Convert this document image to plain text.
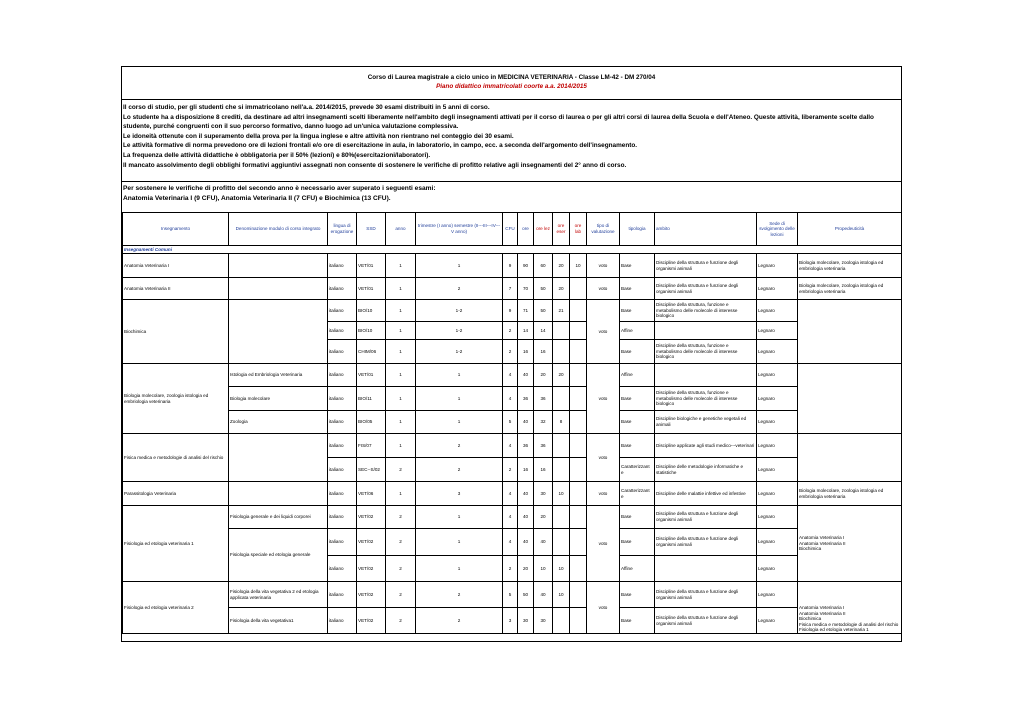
Corso di Laurea magistrale a ciclo unico in MEDICINA VETERINARIA - Classe LM-42 - DM 270/04
Piano didattico immatricolati coorte a.a. 2014/2015

Il corso di studio, per gli studenti che si immatricolano nell'a.a. 2014/2015, prevede 30 esami distribuiti in 5 anni di corso.

Lo studente ha a disposizione 8 crediti, da destinare ad altri insegnamenti scelti liberamente nell'ambito degli insegnamenti attivati per il corso di laurea o per gli altri corsi di laurea della Scuola e dell'Ateneo. Queste attività, liberamente scelte dallo studente, purché congruenti con il suo percorso formativo, danno luogo ad un'unica valutazione complessiva.

Le idoneità ottenute con il superamento della prova per la lingua inglese e altre attività non rientrano nel conteggio dei 30 esami.

Le attività formative di norma prevedono ore di lezioni frontali e/o ore di esercitazione in aula, in laboratorio, in campo, ecc. a seconda dell'argomento dell'insegnamento.

La frequenza delle attività didattiche è obbligatoria per il 50% (lezioni) e 80%(esercitazioni/laboratori).

Il mancato assolvimento degli obblighi formativi aggiuntivi assegnati non consente di sostenere le verifiche di profitto relative agli insegnamenti del 2° anno di corso.

Per sostenere le verifiche di profitto del secondo anno è necessario aver superato i seguenti esami:

Anatomia Veterinaria I (9 CFU), Anatomia Veterinaria II (7 CFU) e Biochimica (13 CFU).

Insegnamento	Denominazione modulo di corso integrato	lingua di erogazione	SSD	anno	trimestre (I anno) semestre (II---III---IV---V anno)	CFU	ore	ore lez	ore eser	ore lab	tipo di valutazione	tipologia	ambito	Sede di svolgimento delle lezioni	Propedeuticità
Insegnamenti Comuni															
Anatomia Veterinaria I		italiano	VET/01	1	1	9	90	60	20	10	voto	Base	Discipline della struttura e funzione degli organismi animali	Legnaro	Biologia molecolare, zoologia istologia ed embriologia veterinaria
Anatomia Veterinaria II		italiano	VET/01	1	2	7	70	50	20		voto	Base	Discipline della struttura e funzione degli organismi animali	Legnaro	Biologia molecolare, zoologia istologia ed embriologia veterinaria
Biochimica		italiano	BIO/10	1	1-2	9	71	50	21		voto	Base	Discipline della struttura, funzione e metabolismo delle molecole di interesse biologico	Legnaro	
		italiano	BIO/10	1	1-2	2	14	14				Affine		Legnaro	
		italiano	CHIM/06	1	1-2	2	16	16				Base	Discipline della struttura, funzione e metabolismo delle molecole di interesse biologico	Legnaro	
Biologia molecolare, zoologia istologia ed embriologia veterinaria	Istologia ed Embriologia Veterinaria	italiano	VET/01	1	1	4	40	20	20		voto	Affine		Legnaro	
	Biologia molecolare	italiano	BIO/11	1	1	4	36	36				Base	Discipline della struttura, funzione e metabolismo delle molecole di interesse biologico	Legnaro	
	Zoologia	italiano	BIO/05	1	1	5	40	32	8			Base	Discipline biologiche e genetiche vegetali ed animali	Legnaro	
Fisica medica e metodologie di analisi del rischio		italiano	FIS/07	1	2	4	36	36			voto	Base	Discipline applicate agli studi medico---veterinari	Legnaro	
		italiano	SEC--S/02	2	2	2	16	16				Caratterizzant e	Discipline delle metodologie informatiche e statistiche	Legnaro	
Parassitologia Veterinaria		italiano	VET/06	1	3	4	40	30	10		voto	Caratterizzant e	Discipline delle malattie infettive ed infestive	Legnaro	Biologia molecolare, zoologia istologia ed embriologia veterinaria
Fisiologia ed etologia veterinaria 1	Fisiologia generale e dei liquidi corporei	italiano	VET/02	2	1	4	40	20			voto	Base	Discipline della struttura e funzione degli organismi animali	Legnaro	Anatomia Veterinaria I
Anatomia Veterinaria II
Biochimica
	Fisiologia speciale ed etologia generale	italiano	VET/02	2	1	4	40	40				Base	Discipline della struttura e funzione degli organismi animali	Legnaro	
		italiano	VET/02	2	1	2	20	10	10			Affine		Legnaro	
Fisiologia ed etologia veterinaria 2	Fisiologia della vita vegetativa 2 ed etologia applicata veterinaria	italiano	VET/02	2	2	5	50	40	10		voto	Base	Discipline della struttura e funzione degli organismi animali	Legnaro	Anatomia Veterinaria I
Anatomia Veterinaria II
Biochimica
Fisica medica e metodologie di analisi del rischio
Fisiologia ed etologia veterinaria 1
	Fisiologia della vita vegetativa1	italiano	VET/02	2	2	3	30	30				Base	Discipline della struttura e funzione degli organismi animali	Legnaro	
